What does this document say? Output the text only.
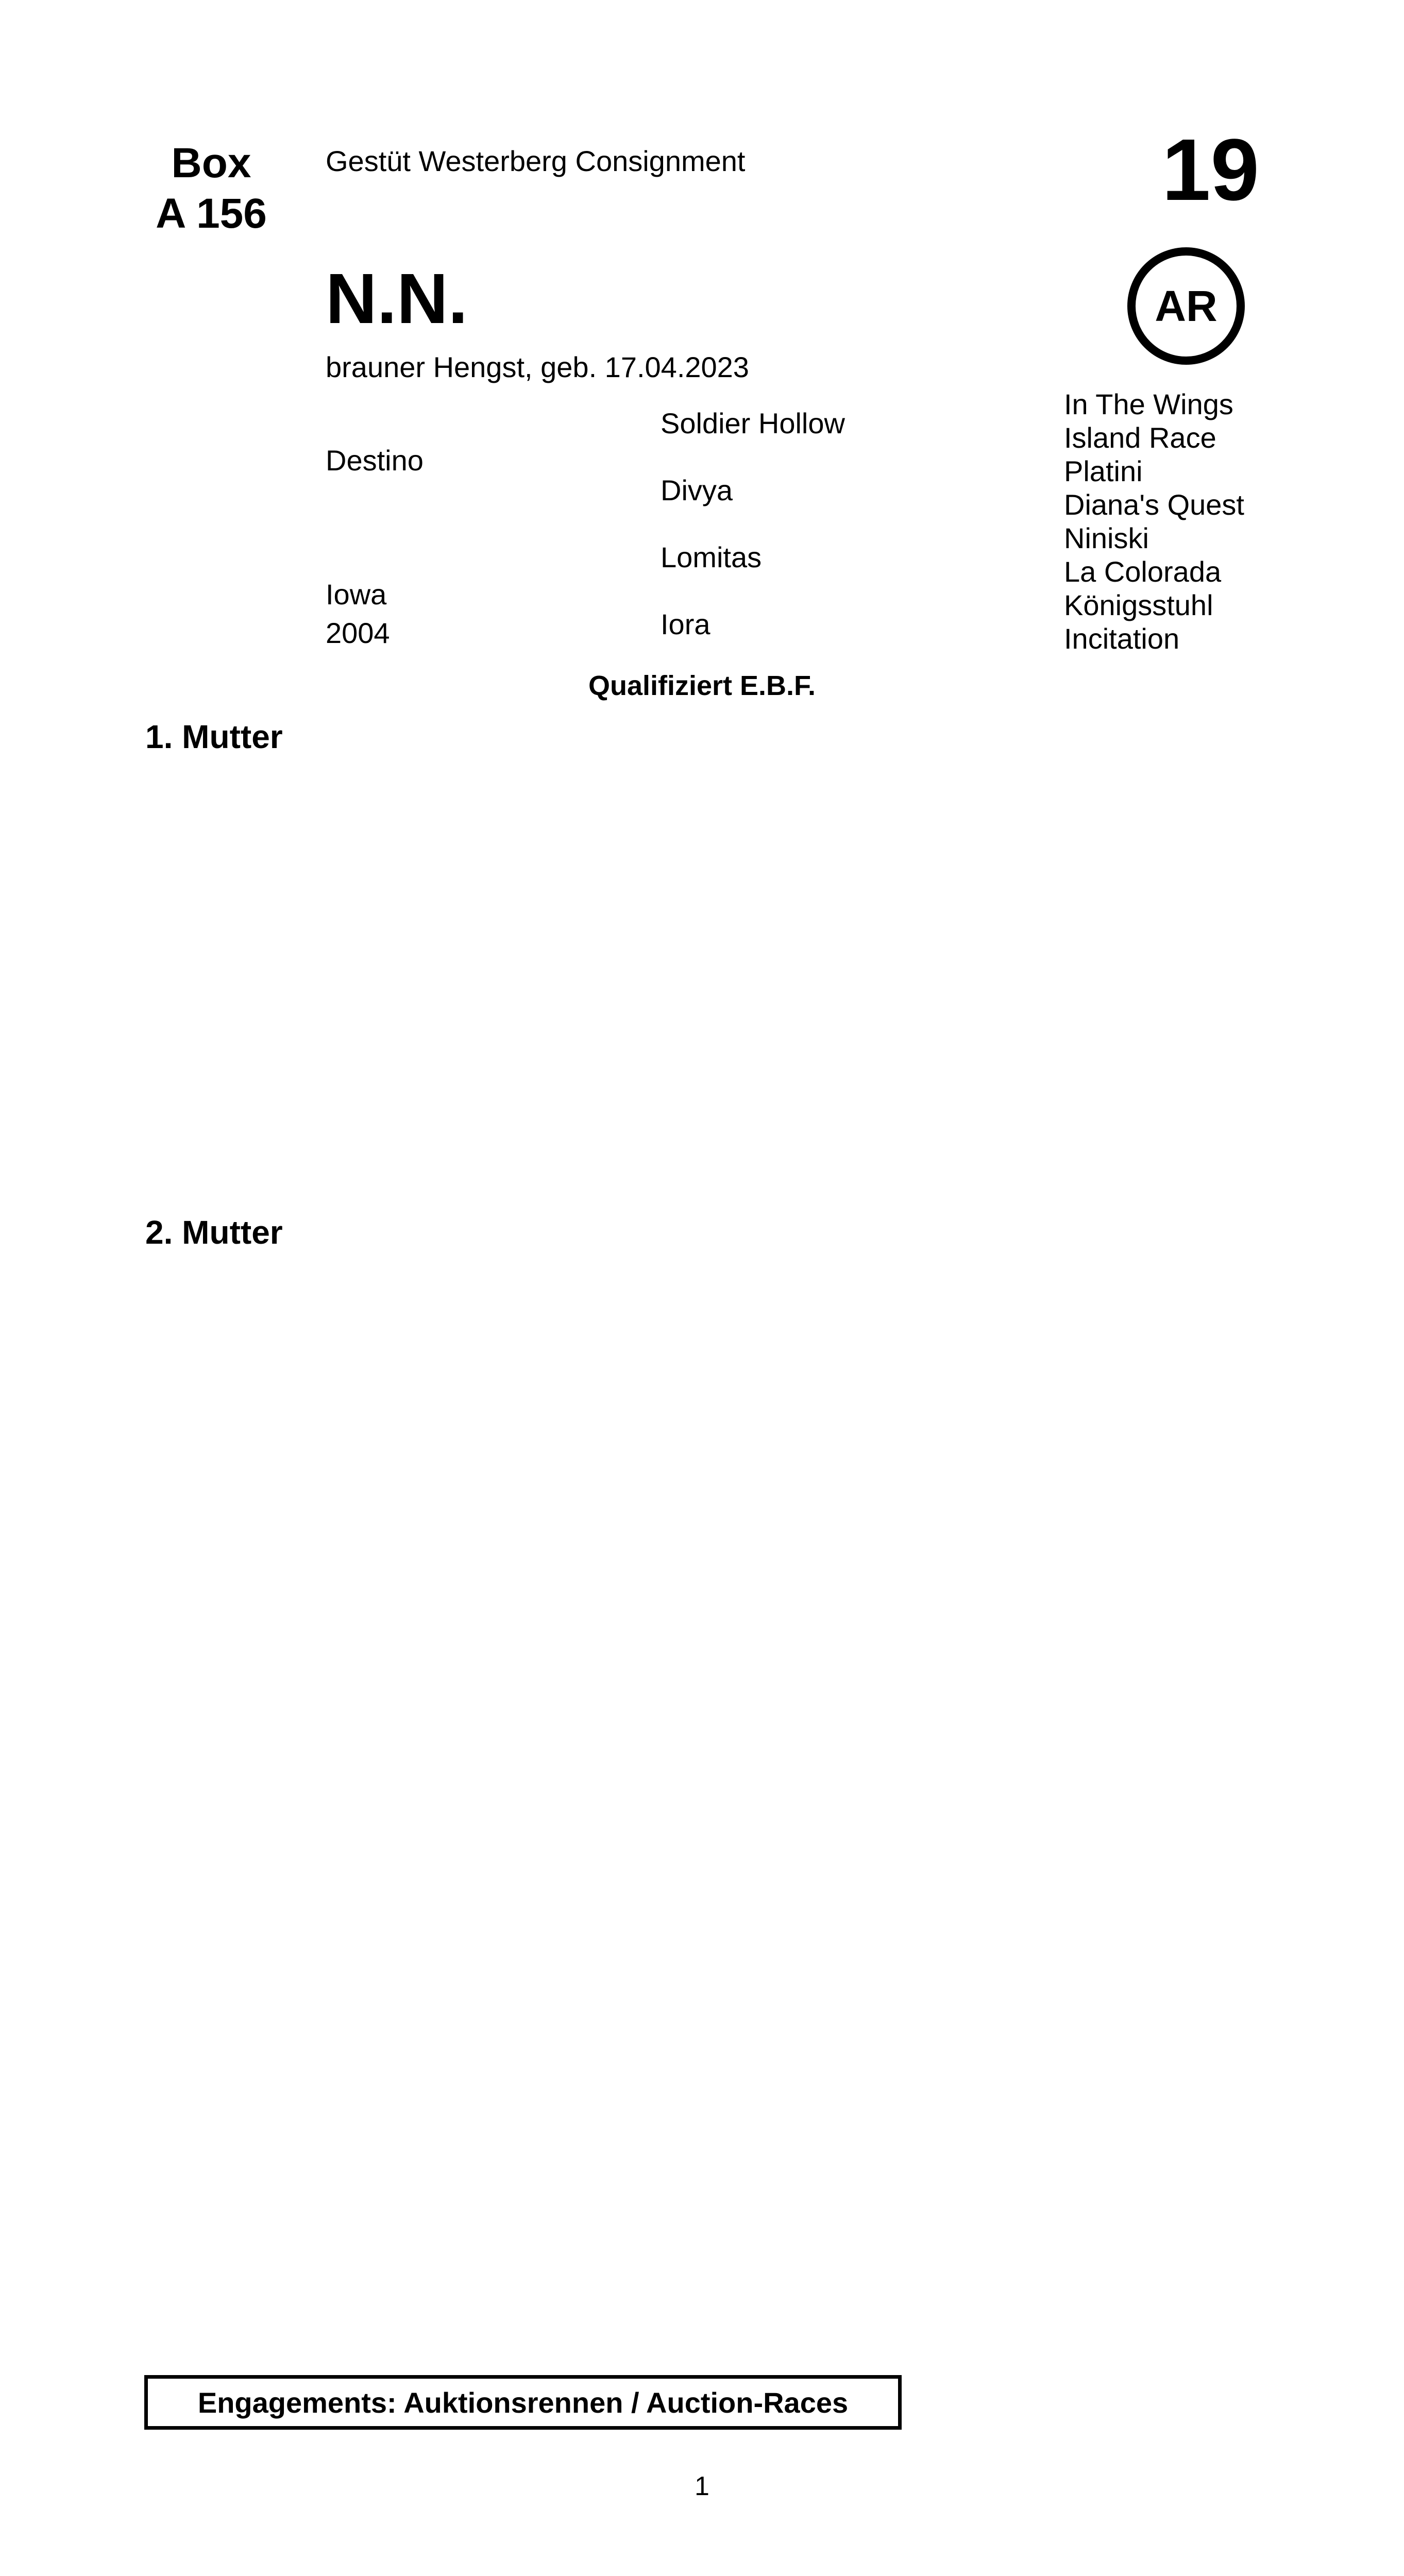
Box
A 156
Gestüt Westerberg Consignment	19
AR
N.N.
brauner Hengst, geb. 17.04.2023
Destino
Iowa
2004
Soldier Hollow
Divya
Lomitas
Iora
In The Wings
Island Race
Platini
Diana's Quest
Niniski
La Colorada
Königsstuhl
Incitation
Qualifiziert E.B.F.
1. Mutter
2. Mutter
Engagements: Auktionsrennen / Auction-Races
1
